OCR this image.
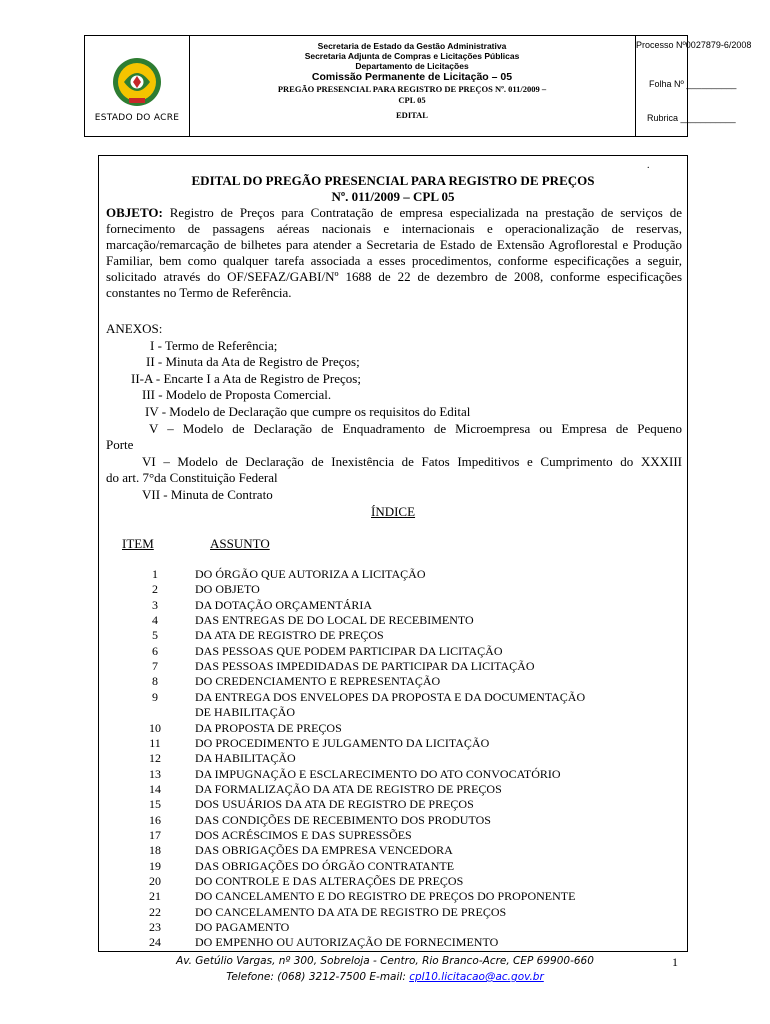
ESTADO DO ACRE
Secretaria de Estado da Gestão Administrativa
Secretaria Adjunta de Compras e Licitações Públicas
Departamento de Licitações
Comissão Permanente de Licitação – 05
PREGÃO PRESENCIAL PARA REGISTRO DE PREÇOS Nº. 011/2009 –
CPL 05
EDITAL
Processo Nº0027879-6/2008
Folha Nº __________
Rubrica ___________
.
EDITAL DO PREGÃO PRESENCIAL PARA REGISTRO DE PREÇOS
Nº. 011/2009 – CPL 05
OBJETO: Registro de Preços para Contratação de empresa especializada na prestação de serviços de fornecimento de passagens aéreas nacionais e internacionais e operacionalização de reservas, marcação/remarcação de bilhetes para atender a Secretaria de Estado de Extensão Agroflorestal e Produção Familiar, bem como qualquer tarefa associada a esses procedimentos, conforme especificações a seguir, solicitado através do OF/SEFAZ/GABI/Nº 1688 de 22 de dezembro de 2008, conforme especificações constantes no Termo de Referência.
ANEXOS:
I - Termo de Referência;
II - Minuta da Ata de Registro de Preços;
II-A - Encarte I a Ata de Registro de Preços;
III - Modelo de Proposta Comercial.
IV - Modelo de Declaração que cumpre os requisitos do Edital
V – Modelo de Declaração de Enquadramento de Microempresa ou Empresa de Pequeno
Porte
VI – Modelo de Declaração de Inexistência de Fatos Impeditivos e Cumprimento do XXXIII
do art. 7°da Constituição Federal
VII - Minuta de Contrato
ÍNDICE
ITEM	ASSUNTO
1	DO ÓRGÃO QUE AUTORIZA A LICITAÇÃO
2	DO OBJETO
3	DA DOTAÇÃO ORÇAMENTÁRIA
4	DAS ENTREGAS DE DO LOCAL DE RECEBIMENTO
5	DA ATA DE REGISTRO DE PREÇOS
6	DAS PESSOAS QUE PODEM PARTICIPAR DA LICITAÇÃO
7	DAS PESSOAS IMPEDIDADAS DE PARTICIPAR DA LICITAÇÃO
8	DO CREDENCIAMENTO E REPRESENTAÇÃO
9	DA ENTREGA DOS ENVELOPES DA PROPOSTA E DA DOCUMENTAÇÃO
DE HABILITAÇÃO
10	DA PROPOSTA DE PREÇOS
11	DO PROCEDIMENTO E JULGAMENTO DA LICITAÇÃO
12	DA HABILITAÇÃO
13	DA IMPUGNAÇÃO E ESCLARECIMENTO DO ATO CONVOCATÓRIO
14	DA FORMALIZAÇÃO DA ATA DE REGISTRO DE PREÇOS
15	DOS USUÁRIOS DA ATA DE REGISTRO DE PREÇOS
16	DAS CONDIÇÕES DE RECEBIMENTO DOS PRODUTOS
17	DOS ACRÉSCIMOS E DAS SUPRESSÕES
18	DAS OBRIGAÇÕES DA EMPRESA VENCEDORA
19	DAS OBRIGAÇÕES DO ÓRGÃO CONTRATANTE
20	DO CONTROLE E DAS ALTERAÇÕES DE PREÇOS
21	DO CANCELAMENTO E DO REGISTRO DE PREÇOS DO PROPONENTE
22	DO CANCELAMENTO DA ATA DE REGISTRO DE PREÇOS
23	DO PAGAMENTO
24	DO EMPENHO OU AUTORIZAÇÃO DE FORNECIMENTO
Av. Getúlio Vargas, nº 300, Sobreloja - Centro, Rio Branco-Acre, CEP 69900-660
Telefone: (068) 3212-7500 E-mail: cpl10.licitacao@ac.gov.br
1
